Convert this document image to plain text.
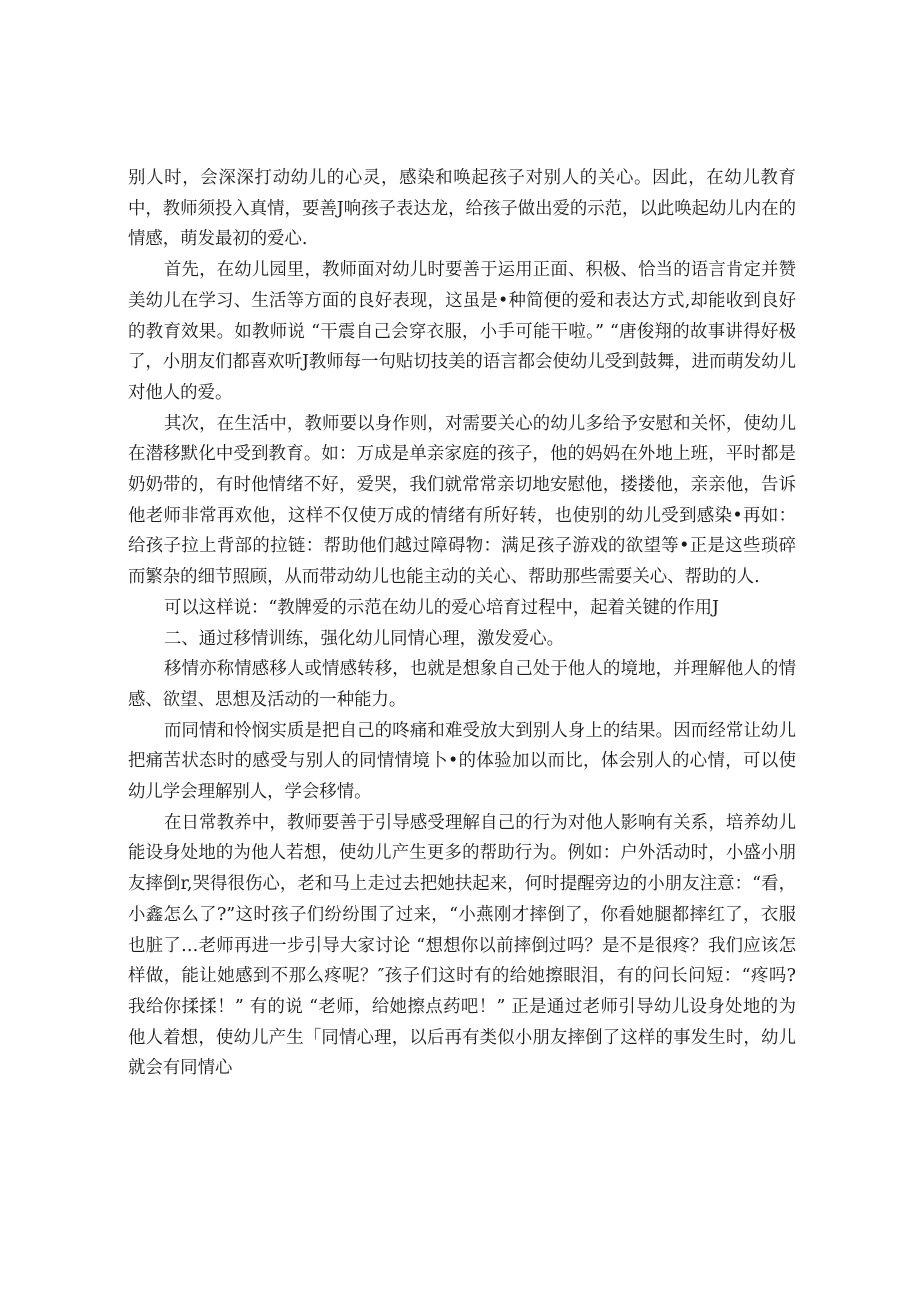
别人时，会深深打动幼儿的心灵，感染和唤起孩子对别人的关心。因此，在幼儿教育中，教师须投入真情，要善J响孩子表达龙，给孩子做出爱的示范，以此唤起幼儿内在的情感，萌发最初的爱心.

首先，在幼儿园里，教师面对幼儿时要善于运用正面、积极、恰当的语言肯定并赞美幼儿在学习、生活等方面的良好表现，这虽是•种简便的爱和表达方式,却能收到良好的教育效果。如教师说 “干震自己会穿衣服，小手可能干啦。” “唐俊翔的故事讲得好极了，小朋友们都喜欢听J教师每一句贴切技美的语言都会使幼儿受到鼓舞，进而萌发幼儿对他人的爱。

其次，在生活中，教师要以身作则，对需要关心的幼儿多给予安慰和关怀，使幼儿在潜移默化中受到教育。如：万成是单亲家庭的孩子，他的妈妈在外地上班，平时都是奶奶带的，有时他情绪不好，爱哭，我们就常常亲切地安慰他，搂搂他，亲亲他，告诉他老师非常再欢他，这样不仅使万成的情绪有所好转，也使别的幼儿受到感染•再如：给孩子拉上背部的拉链：帮助他们越过障碍物：满足孩子游戏的欲望等•正是这些琐碎而繁杂的细节照顾，从而带动幼儿也能主动的关心、帮助那些需要关心、帮助的人.

可以这样说：“教牌爱的示范在幼儿的爱心培育过程中，起着关键的作用J

二、通过移情训练，强化幼儿同情心理，激发爱心。

移情亦称情感移人或情感转移，也就是想象自己处于他人的境地，并理解他人的情感、欲望、思想及活动的一种能力。

而同情和怜悯实质是把自己的咚痛和难受放大到别人身上的结果。因而经常让幼儿把痛苦状态时的感受与别人的同情情境卜•的体验加以而比，体会别人的心情，可以使幼儿学会理解别人，学会移情。

在日常教养中，教师要善于引导感受理解自己的行为对他人影响有关系，培养幼儿能设身处地的为他人若想，使幼儿产生更多的帮助行为。例如：户外活动时，小盛小朋友摔倒r,哭得很伤心，老和马上走过去把她扶起来，何时提醒旁边的小朋友注意：“看，小鑫怎么了?”这时孩子们纷纷围了过来，“小燕刚才摔倒了，你看她腿都摔红了，衣服也脏了…老师再进一步引导大家讨论 “想想你以前摔倒过吗？是不是很疼？我们应该怎样做，能让她感到不那么疼呢？″孩子们这时有的给她擦眼泪，有的问长问短：“疼吗?我给你揉揉！” 有的说 “老师，给她擦点药吧！” 正是通过老师引导幼儿设身处地的为他人着想，使幼儿产生「同情心理，以后再有类似小朋友摔倒了这样的事发生时，幼儿就会有同情心
